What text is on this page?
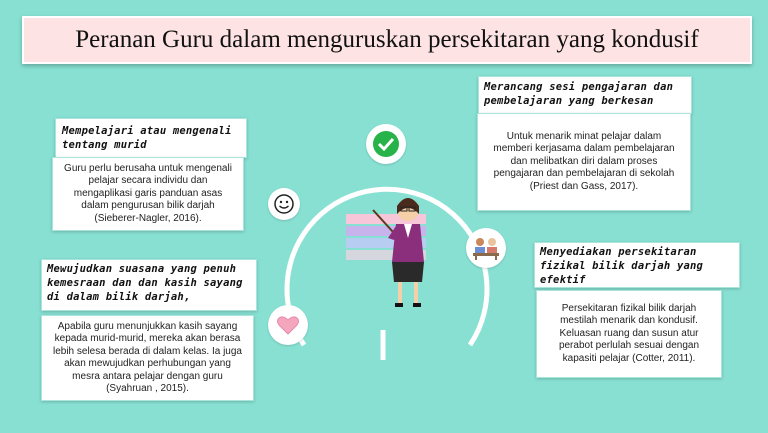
Peranan Guru dalam menguruskan persekitaran yang kondusif
Mempelajari atau mengenali tentang murid
Guru perlu berusaha untuk mengenali pelajar secara individu dan mengaplikasi garis panduan asas dalam pengurusan bilik darjah (Sieberer-Nagler, 2016).
Merancang sesi pengajaran dan pembelajaran yang berkesan
Untuk menarik minat pelajar dalam memberi kerjasama dalam pembelajaran dan melibatkan diri dalam proses pengajaran dan pembelajaran di sekolah (Priest dan Gass, 2017).
Mewujudkan suasana yang penuh kemesraan dan dan kasih sayang di dalam bilik darjah,
Apabila guru menunjukkan kasih sayang kepada murid-murid, mereka akan berasa lebih selesa berada di dalam kelas. Ia juga akan mewujudkan perhubungan yang mesra antara pelajar dengan guru (Syahruan , 2015).
Menyediakan persekitaran fizikal bilik darjah yang efektif
Persekitaran fizikal bilik darjah mestilah menarik dan kondusif. Keluasan ruang dan susun atur perabot perlulah sesuai dengan kapasiti pelajar (Cotter, 2011).
